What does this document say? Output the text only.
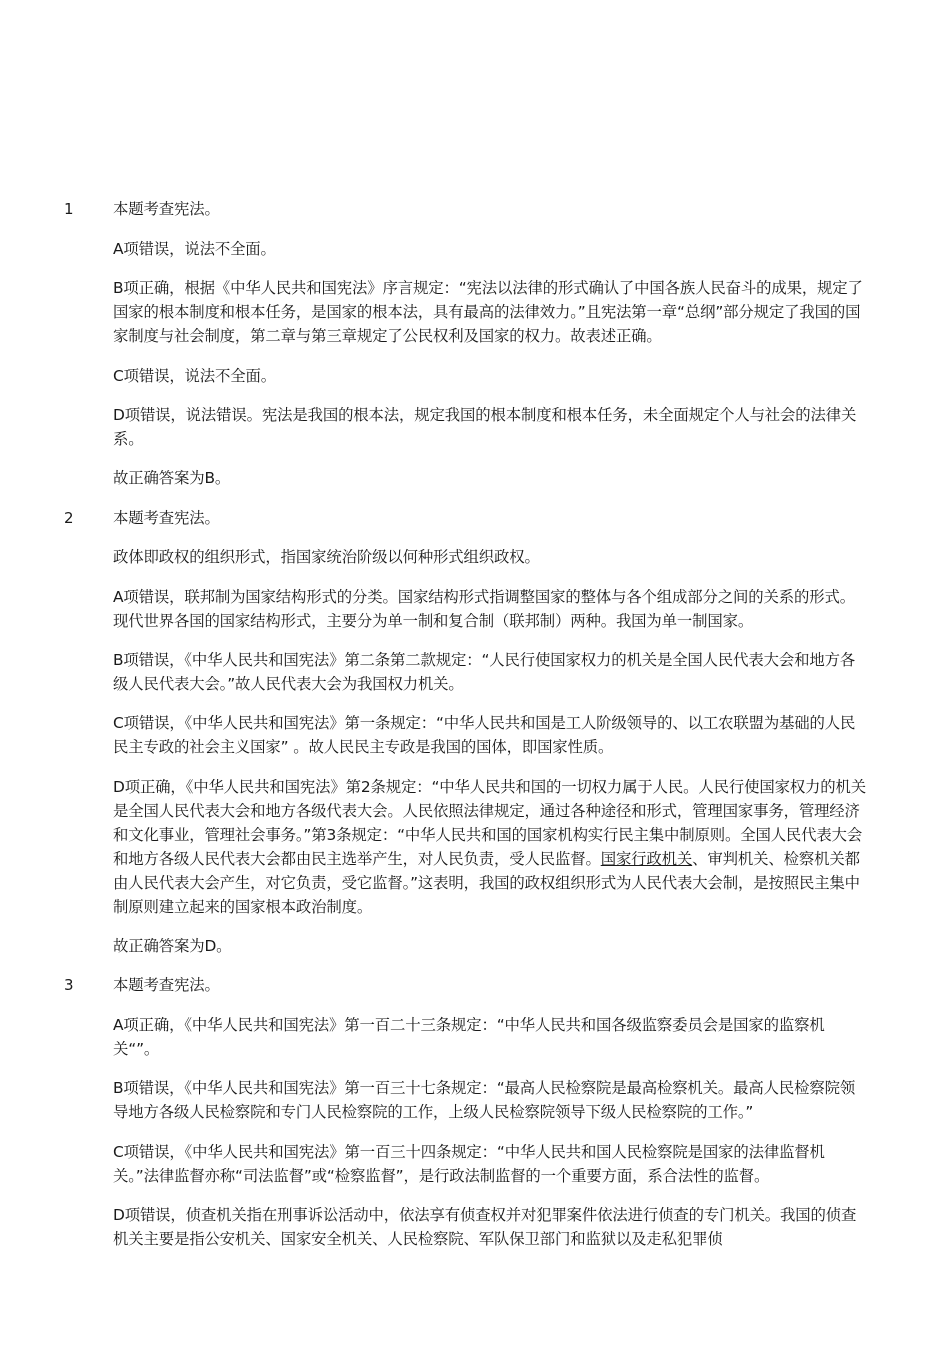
1	本题考查宪法。

A项错误，说法不全面。

B项正确，根据《中华人民共和国宪法》序言规定：“宪法以法律的形式确认了中国各族人民奋斗的成果，规定了国家的根本制度和根本任务，是国家的根本法，具有最高的法律效力。”且宪法第一章“总纲”部分规定了我国的国家制度与社会制度，第二章与第三章规定了公民权利及国家的权力。故表述正确。

C项错误，说法不全面。

D项错误，说法错误。宪法是我国的根本法，规定我国的根本制度和根本任务，未全面规定个人与社会的法律关系。

故正确答案为B。

2	本题考查宪法。

政体即政权的组织形式，指国家统治阶级以何种形式组织政权。

A项错误，联邦制为国家结构形式的分类。国家结构形式指调整国家的整体与各个组成部分之间的关系的形式。现代世界各国的国家结构形式，主要分为单一制和复合制（联邦制）两种。我国为单一制国家。

B项错误，《中华人民共和国宪法》第二条第二款规定：“人民行使国家权力的机关是全国人民代表大会和地方各级人民代表大会。”故人民代表大会为我国权力机关。

C项错误，《中华人民共和国宪法》第一条规定：“中华人民共和国是工人阶级领导的、以工农联盟为基础的人民民主专政的社会主义国家” 。故人民民主专政是我国的国体，即国家性质。

D项正确，《中华人民共和国宪法》第2条规定：“中华人民共和国的一切权力属于人民。人民行使国家权力的机关是全国人民代表大会和地方各级代表大会。人民依照法律规定，通过各种途径和形式，管理国家事务，管理经济和文化事业，管理社会事务。”第3条规定：“中华人民共和国的国家机构实行民主集中制原则。全国人民代表大会和地方各级人民代表大会都由民主选举产生，对人民负责，受人民监督。国家行政机关、审判机关、检察机关都由人民代表大会产生，对它负责，受它监督。”这表明，我国的政权组织形式为人民代表大会制，是按照民主集中制原则建立起来的国家根本政治制度。

故正确答案为D。

3	本题考查宪法。

A项正确，《中华人民共和国宪法》第一百二十三条规定：“中华人民共和国各级监察委员会是国家的监察机关“”。

B项错误，《中华人民共和国宪法》第一百三十七条规定：“最高人民检察院是最高检察机关。最高人民检察院领导地方各级人民检察院和专门人民检察院的工作，上级人民检察院领导下级人民检察院的工作。”

C项错误，《中华人民共和国宪法》第一百三十四条规定：“中华人民共和国人民检察院是国家的法律监督机关。”法律监督亦称“司法监督”或“检察监督”，是行政法制监督的一个重要方面，系合法性的监督。

D项错误，侦查机关指在刑事诉讼活动中，依法享有侦查权并对犯罪案件依法进行侦查的专门机关。我国的侦查机关主要是指公安机关、国家安全机关、人民检察院、军队保卫部门和监狱以及走私犯罪侦
